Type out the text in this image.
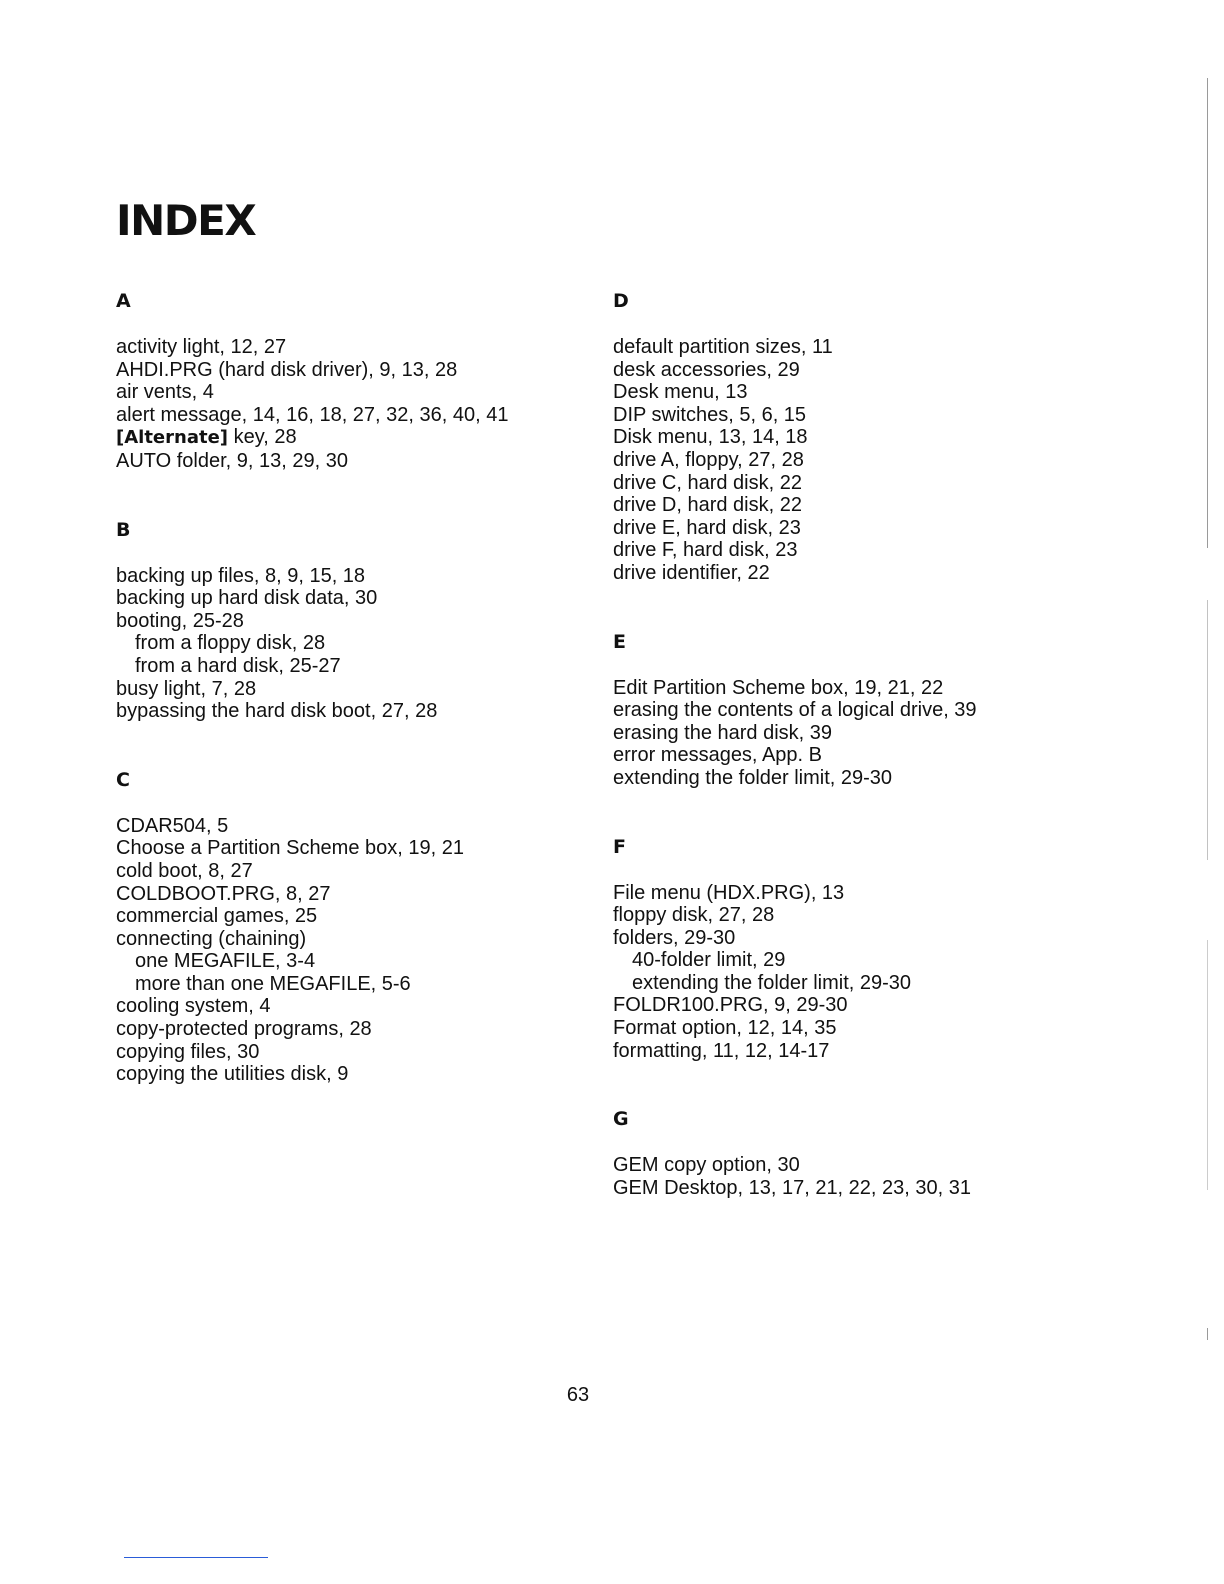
INDEX
A
activity light, 12, 27
AHDI.PRG (hard disk driver), 9, 13, 28
air vents, 4
alert message, 14, 16, 18, 27, 32, 36, 40, 41
[Alternate] key, 28
AUTO folder, 9, 13, 29, 30
B
backing up files, 8, 9, 15, 18
backing up hard disk data, 30
booting, 25-28
from a floppy disk, 28
from a hard disk, 25-27
busy light, 7, 28
bypassing the hard disk boot, 27, 28
C
CDAR504, 5
Choose a Partition Scheme box, 19, 21
cold boot, 8, 27
COLDBOOT.PRG, 8, 27
commercial games, 25
connecting (chaining)
one MEGAFILE, 3-4
more than one MEGAFILE, 5-6
cooling system, 4
copy-protected programs, 28
copying files, 30
copying the utilities disk, 9
D
default partition sizes, 11
desk accessories, 29
Desk menu, 13
DIP switches, 5, 6, 15
Disk menu, 13, 14, 18
drive A, floppy, 27, 28
drive C, hard disk, 22
drive D, hard disk, 22
drive E, hard disk, 23
drive F, hard disk, 23
drive identifier, 22
E
Edit Partition Scheme box, 19, 21, 22
erasing the contents of a logical drive, 39
erasing the hard disk, 39
error messages, App. B
extending the folder limit, 29-30
F
File menu (HDX.PRG), 13
floppy disk, 27, 28
folders, 29-30
40-folder limit, 29
extending the folder limit, 29-30
FOLDR100.PRG, 9, 29-30
Format option, 12, 14, 35
formatting, 11, 12, 14-17
G
GEM copy option, 30
GEM Desktop, 13, 17, 21, 22, 23, 30, 31
63
